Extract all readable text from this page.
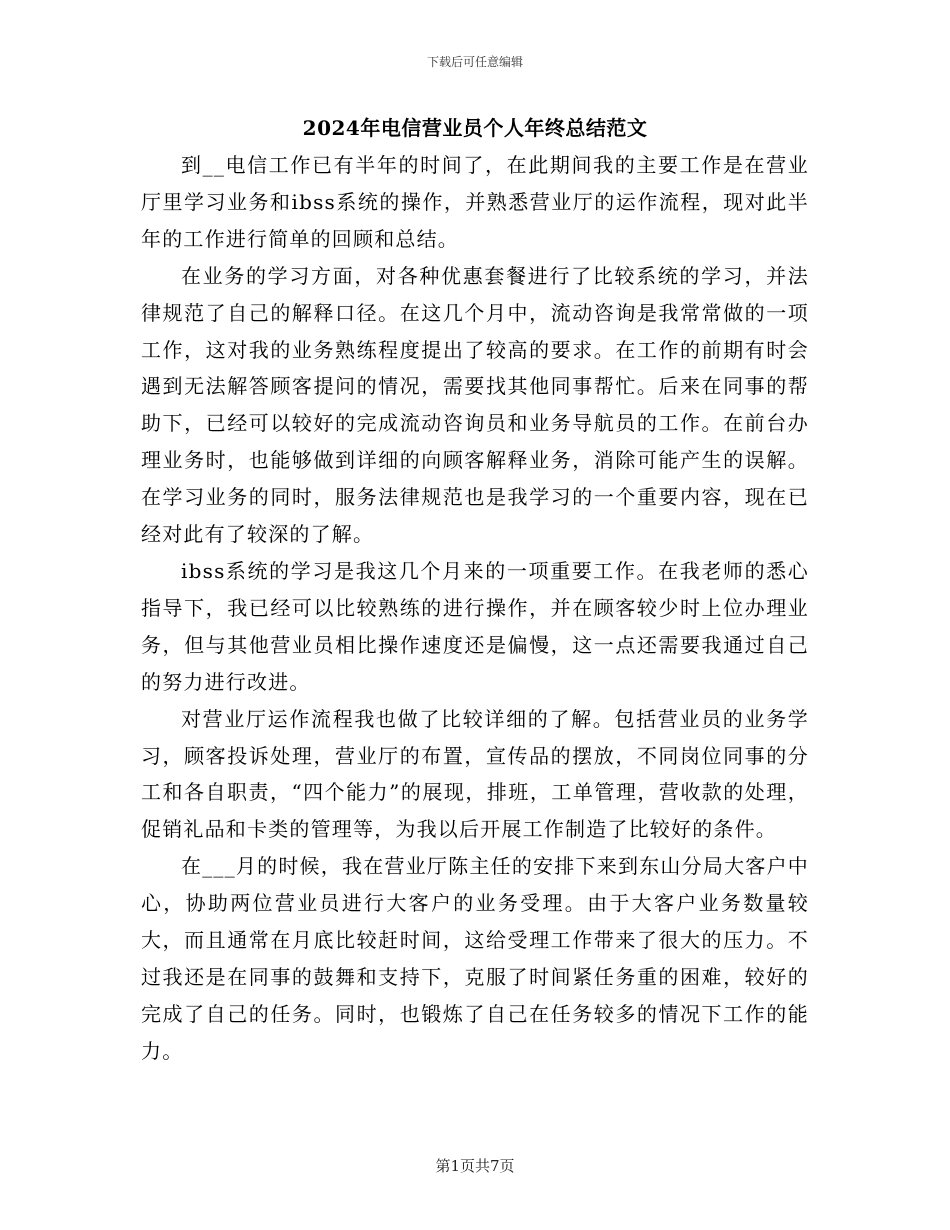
下载后可任意编辑
2024年电信营业员个人年终总结范文

到__电信工作已有半年的时间了，在此期间我的主要工作是在营业厅里学习业务和ibss系统的操作，并熟悉营业厅的运作流程，现对此半年的工作进行简单的回顾和总结。

在业务的学习方面，对各种优惠套餐进行了比较系统的学习，并法律规范了自己的解释口径。在这几个月中，流动咨询是我常常做的一项工作，这对我的业务熟练程度提出了较高的要求。在工作的前期有时会遇到无法解答顾客提问的情况，需要找其他同事帮忙。后来在同事的帮助下，已经可以较好的完成流动咨询员和业务导航员的工作。在前台办理业务时，也能够做到详细的向顾客解释业务，消除可能产生的误解。在学习业务的同时，服务法律规范也是我学习的一个重要内容，现在已经对此有了较深的了解。

ibss系统的学习是我这几个月来的一项重要工作。在我老师的悉心指导下，我已经可以比较熟练的进行操作，并在顾客较少时上位办理业务，但与其他营业员相比操作速度还是偏慢，这一点还需要我通过自己的努力进行改进。

对营业厅运作流程我也做了比较详细的了解。包括营业员的业务学习，顾客投诉处理，营业厅的布置，宣传品的摆放，不同岗位同事的分工和各自职责，“四个能力”的展现，排班，工单管理，营收款的处理，促销礼品和卡类的管理等，为我以后开展工作制造了比较好的条件。

在___月的时候，我在营业厅陈主任的安排下来到东山分局大客户中心，协助两位营业员进行大客户的业务受理。由于大客户业务数量较大，而且通常在月底比较赶时间，这给受理工作带来了很大的压力。不过我还是在同事的鼓舞和支持下，克服了时间紧任务重的困难，较好的完成了自己的任务。同时，也锻炼了自己在任务较多的情况下工作的能力。

第1页共7页
